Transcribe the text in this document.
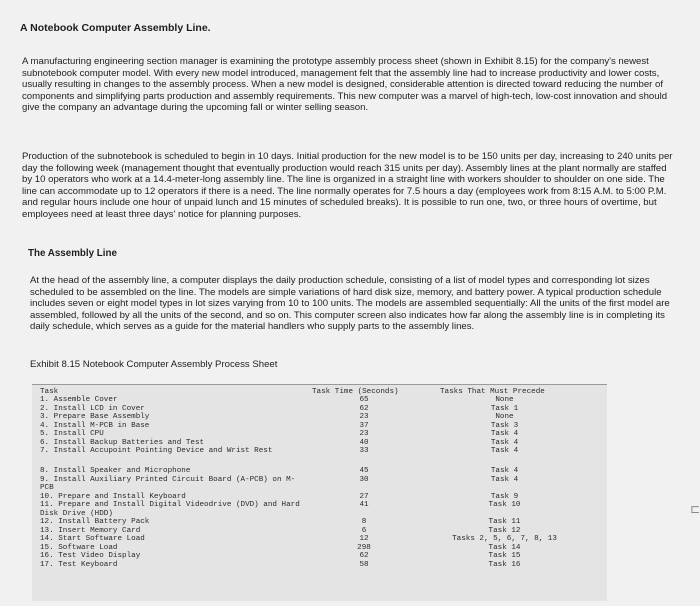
A Notebook Computer Assembly Line.

A manufacturing engineering section manager is examining the prototype assembly process sheet (shown in Exhibit 8.15) for the company's newest subnotebook computer model. With every new model introduced, management felt that the assembly line had to increase productivity and lower costs, usually resulting in changes to the assembly process. When a new model is designed, considerable attention is directed toward reducing the number of components and simplifying parts production and assembly requirements. This new computer was a marvel of high-tech, low-cost innovation and should give the company an advantage during the upcoming fall or winter selling season.

Production of the subnotebook is scheduled to begin in 10 days. Initial production for the new model is to be 150 units per day, increasing to 240 units per day the following week (management thought that eventually production would reach 315 units per day). Assembly lines at the plant normally are staffed by 10 operators who work at a 14.4-meter-long assembly line. The line is organized in a straight line with workers shoulder to shoulder on one side. The line can accommodate up to 12 operators if there is a need. The line normally operates for 7.5 hours a day (employees work from 8:15 A.M. to 5:00 P.M. and regular hours include one hour of unpaid lunch and 15 minutes of scheduled breaks). It is possible to run one, two, or three hours of overtime, but employees need at least three days' notice for planning purposes.

The Assembly Line

At the head of the assembly line, a computer displays the daily production schedule, consisting of a list of model types and corresponding lot sizes scheduled to be assembled on the line. The models are simple variations of hard disk size, memory, and battery power. A typical production schedule includes seven or eight model types in lot sizes varying from 10 to 100 units. The models are assembled sequentially: All the units of the first model are assembled, followed by all the units of the second, and so on. This computer screen also indicates how far along the assembly line is in completing its daily schedule, which serves as a guide for the material handlers who supply parts to the assembly lines.

Exhibit 8.15 Notebook Computer Assembly Process Sheet
Task	Task Time (Seconds)	Tasks That Must Precede
1. Assemble Cover
2. Install LCD in Cover
3. Prepare Base Assembly
4. Install M-PCB in Base
5. Install CPU
6. Install Backup Batteries and Test
7. Install Accupoint Pointing Device and Wrist Rest
8. Install Speaker and Microphone
9. Install Auxiliary Printed Circuit Board (A-PCB) on M-PCB
10. Prepare and Install Keyboard
11. Prepare and Install Digital Videodrive (DVD) and Hard Disk Drive (HDD)
12. Install Battery Pack
13. Insert Memory Card
14. Start Software Load
15. Software Load
16. Test Video Display
17. Test Keyboard
65
62
23
37
23
40
33
45
30
27
41
8
6
12
298
62
58
None
Task 1
None
Task 3
Task 4
Task 4
Task 4
Task 4
Task 4
Task 9
Task 10
Task 11
Task 12
Tasks 2, 5, 6, 7, 8, 13
Task 14
Task 15
Task 16
⊏
